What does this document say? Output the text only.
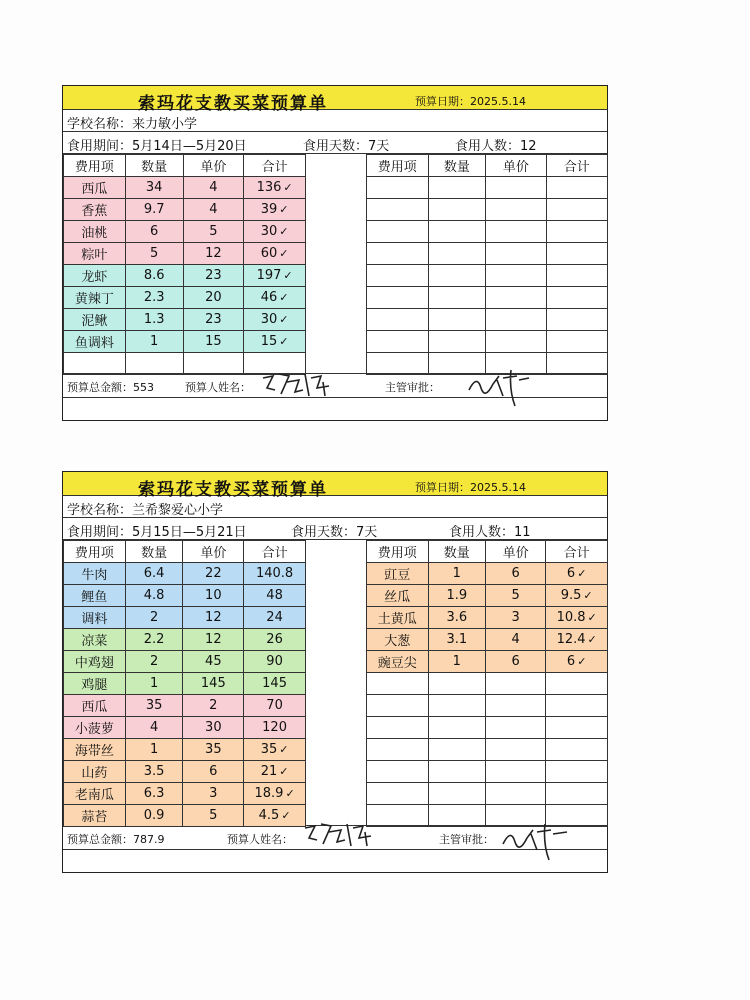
索玛花支教买菜预算单	预算日期：2025.5.14
学校名称：来力敏小学
食用期间：5月14日—5月20日	食用天数：7天	食用人数：12
费用项	数量	单价	合计
西瓜	34	4	136 ✓
香蕉	9.7	4	39 ✓
油桃	6	5	30 ✓
粽叶	5	12	60 ✓
龙虾	8.6	23	197 ✓
黄辣丁	2.3	20	46 ✓
泥鳅	1.3	23	30 ✓
鱼调料	1	15	15 ✓

费用项	数量	单价	合计

预算总金额：553	预算人姓名：	主管审批：
索玛花支教买菜预算单	预算日期：2025.5.14
学校名称：兰希黎爱心小学
食用期间：5月15日—5月21日	食用天数：7天	食用人数：11
费用项	数量	单价	合计
牛肉	6.4	22	140.8
鲤鱼	4.8	10	48
调料	2	12	24
凉菜	2.2	12	26
中鸡翅	2	45	90
鸡腿	1	145	145
西瓜	35	2	70
小菠萝	4	30	120
海带丝	1	35	35 ✓
山药	3.5	6	21 ✓
老南瓜	6.3	3	18.9 ✓
蒜苔	0.9	5	4.5 ✓
费用项	数量	单价	合计
豇豆	1	6	6 ✓
丝瓜	1.9	5	9.5 ✓
土黄瓜	3.6	3	10.8 ✓
大葱	3.1	4	12.4 ✓
豌豆尖	1	6	6 ✓

预算总金额：787.9	预算人姓名：	主管审批：
